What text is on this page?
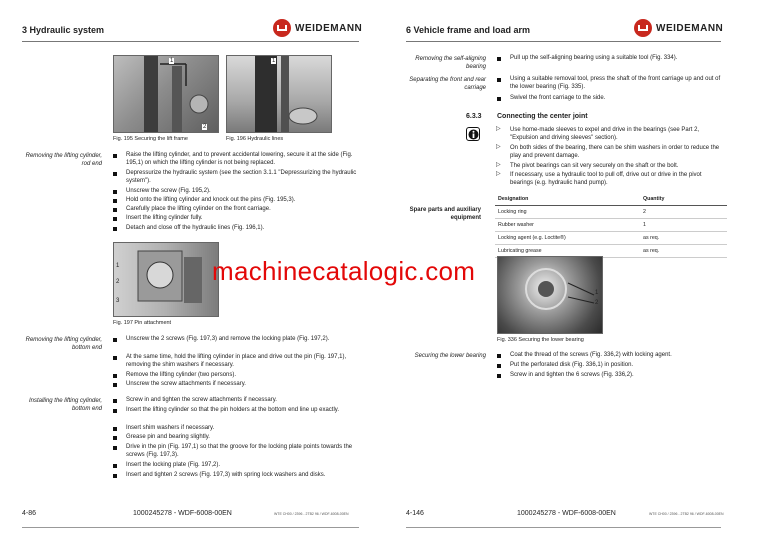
3 Hydraulic system	WEIDEMANN
1
2
Fig. 195 Securing the lift frame
1
Fig. 196 Hydraulic lines
Removing the lifting cylinder, rod end
Raise the lifting cylinder, and to prevent accidental lowering, secure it at the side (Fig. 195,1) on which the lifting cylinder is not being replaced.
Depressurize the hydraulic system (see the section 3.1.1 "Depressurizing the hydraulic system").
Unscrew the screw (Fig. 195,2).
Hold onto the lifting cylinder and knock out the pins (Fig. 195,3).
Carefully place the lifting cylinder on the front carriage.
Insert the lifting cylinder fully.
Detach and close off the hydraulic lines (Fig. 196,1).
1
2
3
Fig. 197 Pin attachment
Removing the lifting cylinder, bottom end
Unscrew the 2 screws (Fig. 197,3) and remove the locking plate (Fig. 197,2).
At the same time, hold the lifting cylinder in place and drive out the pin (Fig. 197,1), removing the shim washers if necessary.
Remove the lifting cylinder (two persons).
Unscrew the screw attachments if necessary.
Installing the lifting cylinder, bottom end
Screw in and tighten the screw attachments if necessary.
Insert the lifting cylinder so that the pin holders at the bottom end line up exactly.
Insert shim washers if necessary.
Grease pin and bearing slightly.
Drive in the pin (Fig. 197,1) so that the groove for the locking plate points towards the screws (Fig. 197,3).
Insert the locking plate (Fig. 197,2).
Insert and tighten 2 screws (Fig. 197,3) with spring lock washers and disks.
4-86	1000245278 - WDF-6008-00EN	WTE CH00 / 2396 - 2TB2 96 / WDF-6008-00EN
6 Vehicle frame and load arm	WEIDEMANN
Removing the self-aligning bearing
Pull up the self-aligning bearing using a suitable tool (Fig. 334).
Separating the front and rear carriage
Using a suitable removal tool, press the shaft of the front carriage up and out of the lower bearing (Fig. 335).
Swivel the front carriage to the side.
6.3.3 Connecting the center joint
▷ Use home-made sleeves to expel and drive in the bearings (see Part 2, "Expulsion and driving sleeves" section).
▷ On both sides of the bearing, there can be shim washers in order to reduce the play and prevent damage.
▷ The pivot bearings can sit very securely on the shaft or the bolt.
▷ If necessary, use a hydraulic tool to pull off, drive out or drive in the pivot bearings (e.g. hydraulic hand pump).
Spare parts and auxiliary equipment
Designation	Quantity
Locking ring	2
Rubber washer	1
Locking agent (e.g. Loctite®)	as req.
Lubricating grease	as req.
1
2
Fig. 336 Securing the lower bearing
Securing the lower bearing	Coat the thread of the screws (Fig. 336,2) with locking agent.
Put the perforated disk (Fig. 336,1) in position.
Screw in and tighten the 6 screws (Fig. 336,2).
4-146	1000245278 - WDF-6008-00EN	WTE CH00 / 2396 - 2TB2 96 / WDF-6008-00EN
machinecatalogic.com
